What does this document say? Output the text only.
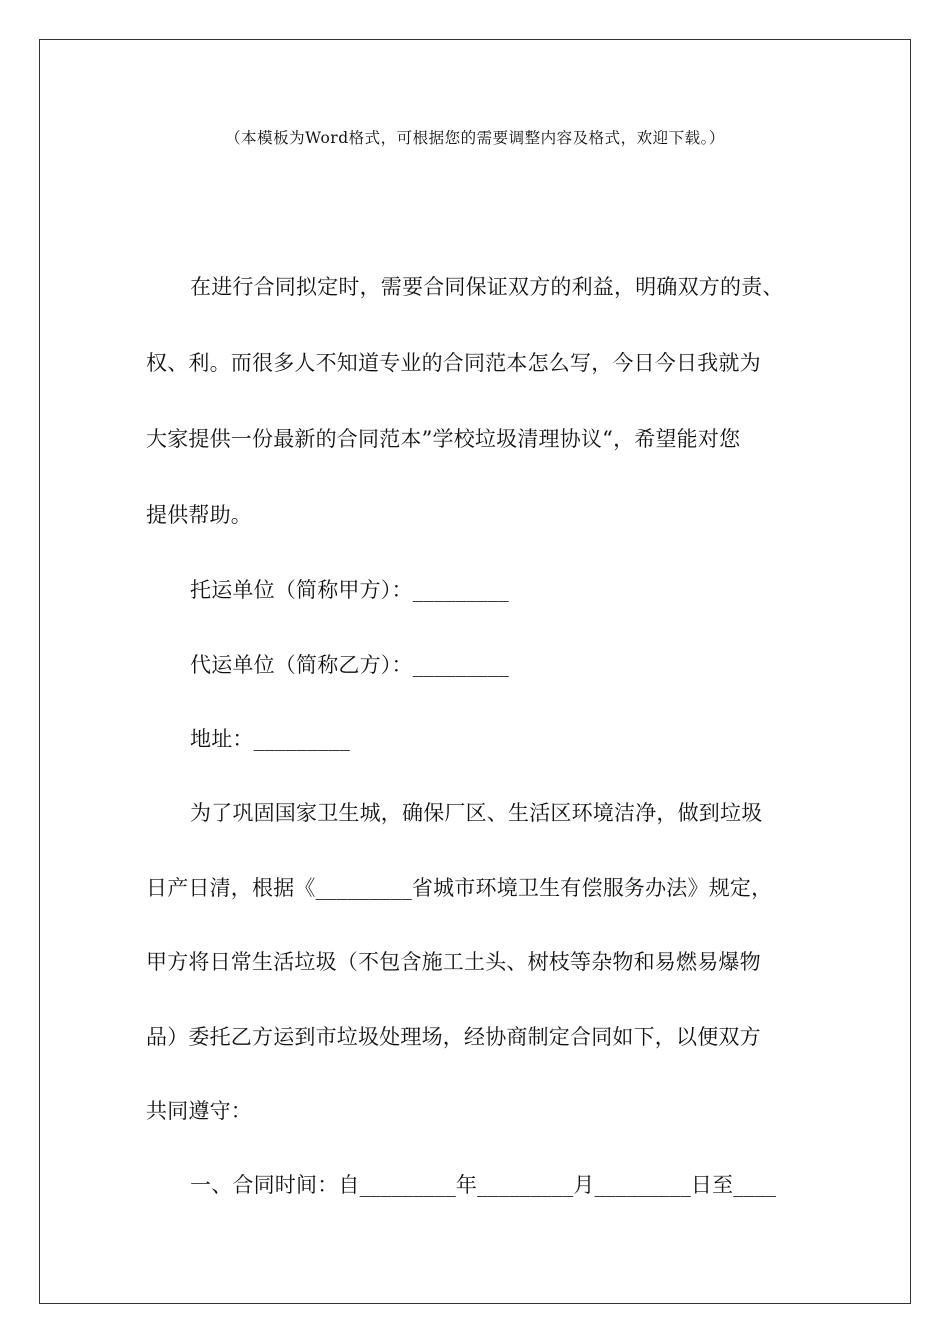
（本模板为Word格式，可根据您的需要调整内容及格式，欢迎下载。）
在进行合同拟定时，需要合同保证双方的利益，明确双方的责、
权、利。而很多人不知道专业的合同范本怎么写，今日今日我就为
大家提供一份最新的合同范本”学校垃圾清理协议“，希望能对您
提供帮助。
托运单位（简称甲方）：_________
代运单位（简称乙方）：_________
地址：_________
为了巩固国家卫生城，确保厂区、生活区环境洁净，做到垃圾
日产日清，根据《_________省城市环境卫生有偿服务办法》规定，
甲方将日常生活垃圾（不包含施工土头、树枝等杂物和易燃易爆物
品）委托乙方运到市垃圾处理场，经协商制定合同如下，以便双方
共同遵守：
一、合同时间：自_________年_________月_________日至____
